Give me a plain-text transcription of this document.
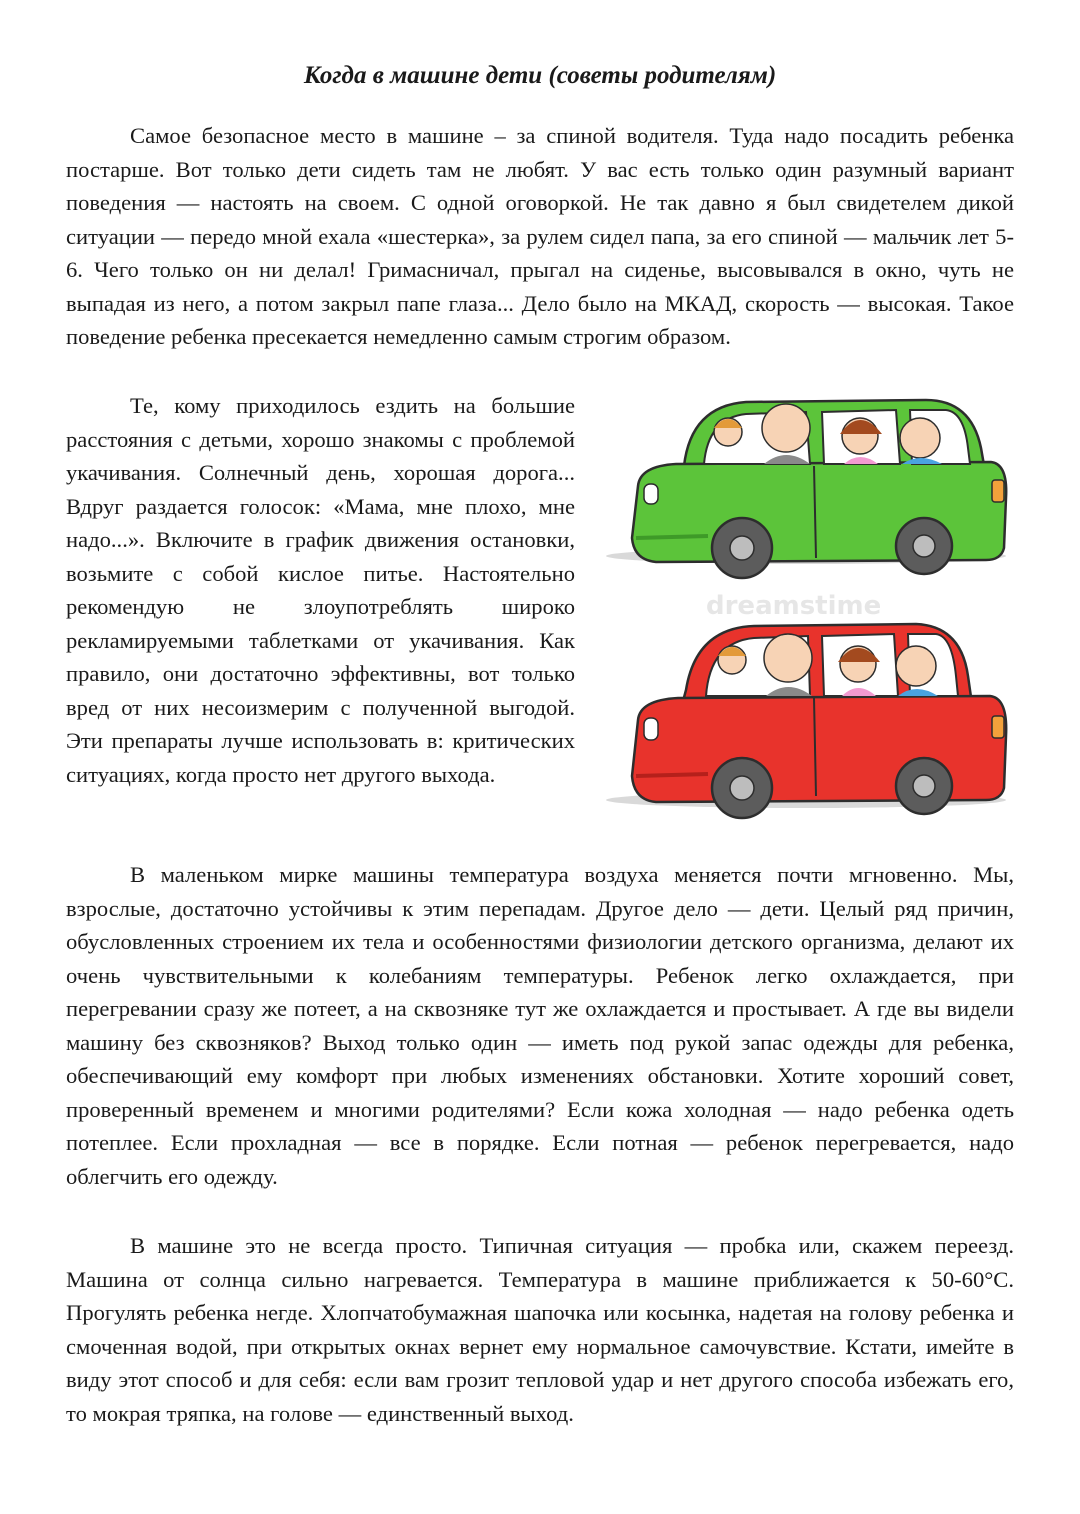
Когда в машине дети (советы родителям)

Самое безопасное место в машине – за спиной водителя. Туда надо посадить ребенка постарше. Вот только дети сидеть там не любят. У вас есть только один разумный вариант поведения — настоять на своем. С одной оговоркой. Не так давно я был свидетелем дикой ситуации — передо мной ехала «шестерка», за рулем сидел папа, за его спиной — мальчик лет 5-6. Чего только он ни делал! Гримасничал, прыгал на сиденье, высовывался в окно, чуть не выпадая из него, а потом закрыл папе глаза... Дело было на МКАД, скорость — высокая. Такое поведение ребенка пресекается немедленно самым строгим образом.

Те, кому приходилось ездить на большие расстояния с детьми, хорошо знакомы с проблемой укачивания. Солнечный день, хорошая дорога... Вдруг раздается голосок: «Мама, мне плохо, мне надо...». Включите в график движения остановки, возьмите с собой кислое питье. Настоятельно рекомендую не злоупотреблять широко рекламируемыми таблетками от укачивания. Как правило, они достаточно эффективны, вот только вред от них несоизмерим с полученной выгодой. Эти препараты лучше использовать в: критических ситуациях, когда просто нет другого выхода.

dreamstime

В маленьком мирке машины температура воздуха меняется почти мгновенно. Мы, взрослые, достаточно устойчивы к этим перепадам. Другое дело — дети. Целый ряд причин, обусловленных строением их тела и особенностями физиологии детского организма, делают их очень чувствительными к колебаниям температуры. Ребенок легко охлаждается, при перегревании сразу же потеет, а на сквозняке тут же охлаждается и простывает. А где вы видели машину без сквозняков? Выход только один — иметь под рукой запас одежды для ребенка, обеспечивающий ему комфорт при любых изменениях обстановки. Хотите хороший совет, проверенный временем и многими родителями? Если кожа холодная — надо ребенка одеть потеплее. Если прохладная — все в порядке. Если потная — ребенок перегревается, надо облегчить его одежду.

В машине это не всегда просто. Типичная ситуация — пробка или, скажем переезд. Машина от солнца сильно нагревается. Температура в машине приближается к 50-60°С. Прогулять ребенка негде. Хлопчатобумажная шапочка или косынка, надетая на голову ребенка и смоченная водой, при открытых окнах вернет ему нормальное самочувствие. Кстати, имейте в виду этот способ и для себя: если вам грозит тепловой удар и нет другого способа избежать его, то мокрая тряпка, на голове — единственный выход.
